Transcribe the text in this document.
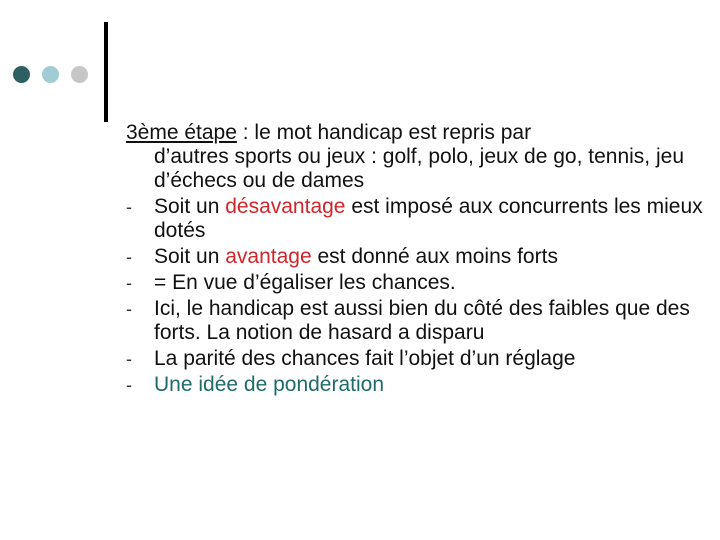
3ème étape : le mot handicap est repris par
d’autres sports ou jeux : golf, polo, jeux de go, tennis, jeu d’échecs ou de dames
- Soit un désavantage est imposé aux concurrents les mieux dotés
- Soit un avantage est donné aux moins forts
- = En vue d’égaliser les chances.
- Ici, le handicap est aussi bien du côté des faibles que des forts. La notion de hasard a disparu
- La parité des chances fait l’objet d’un réglage
- Une idée de pondération
